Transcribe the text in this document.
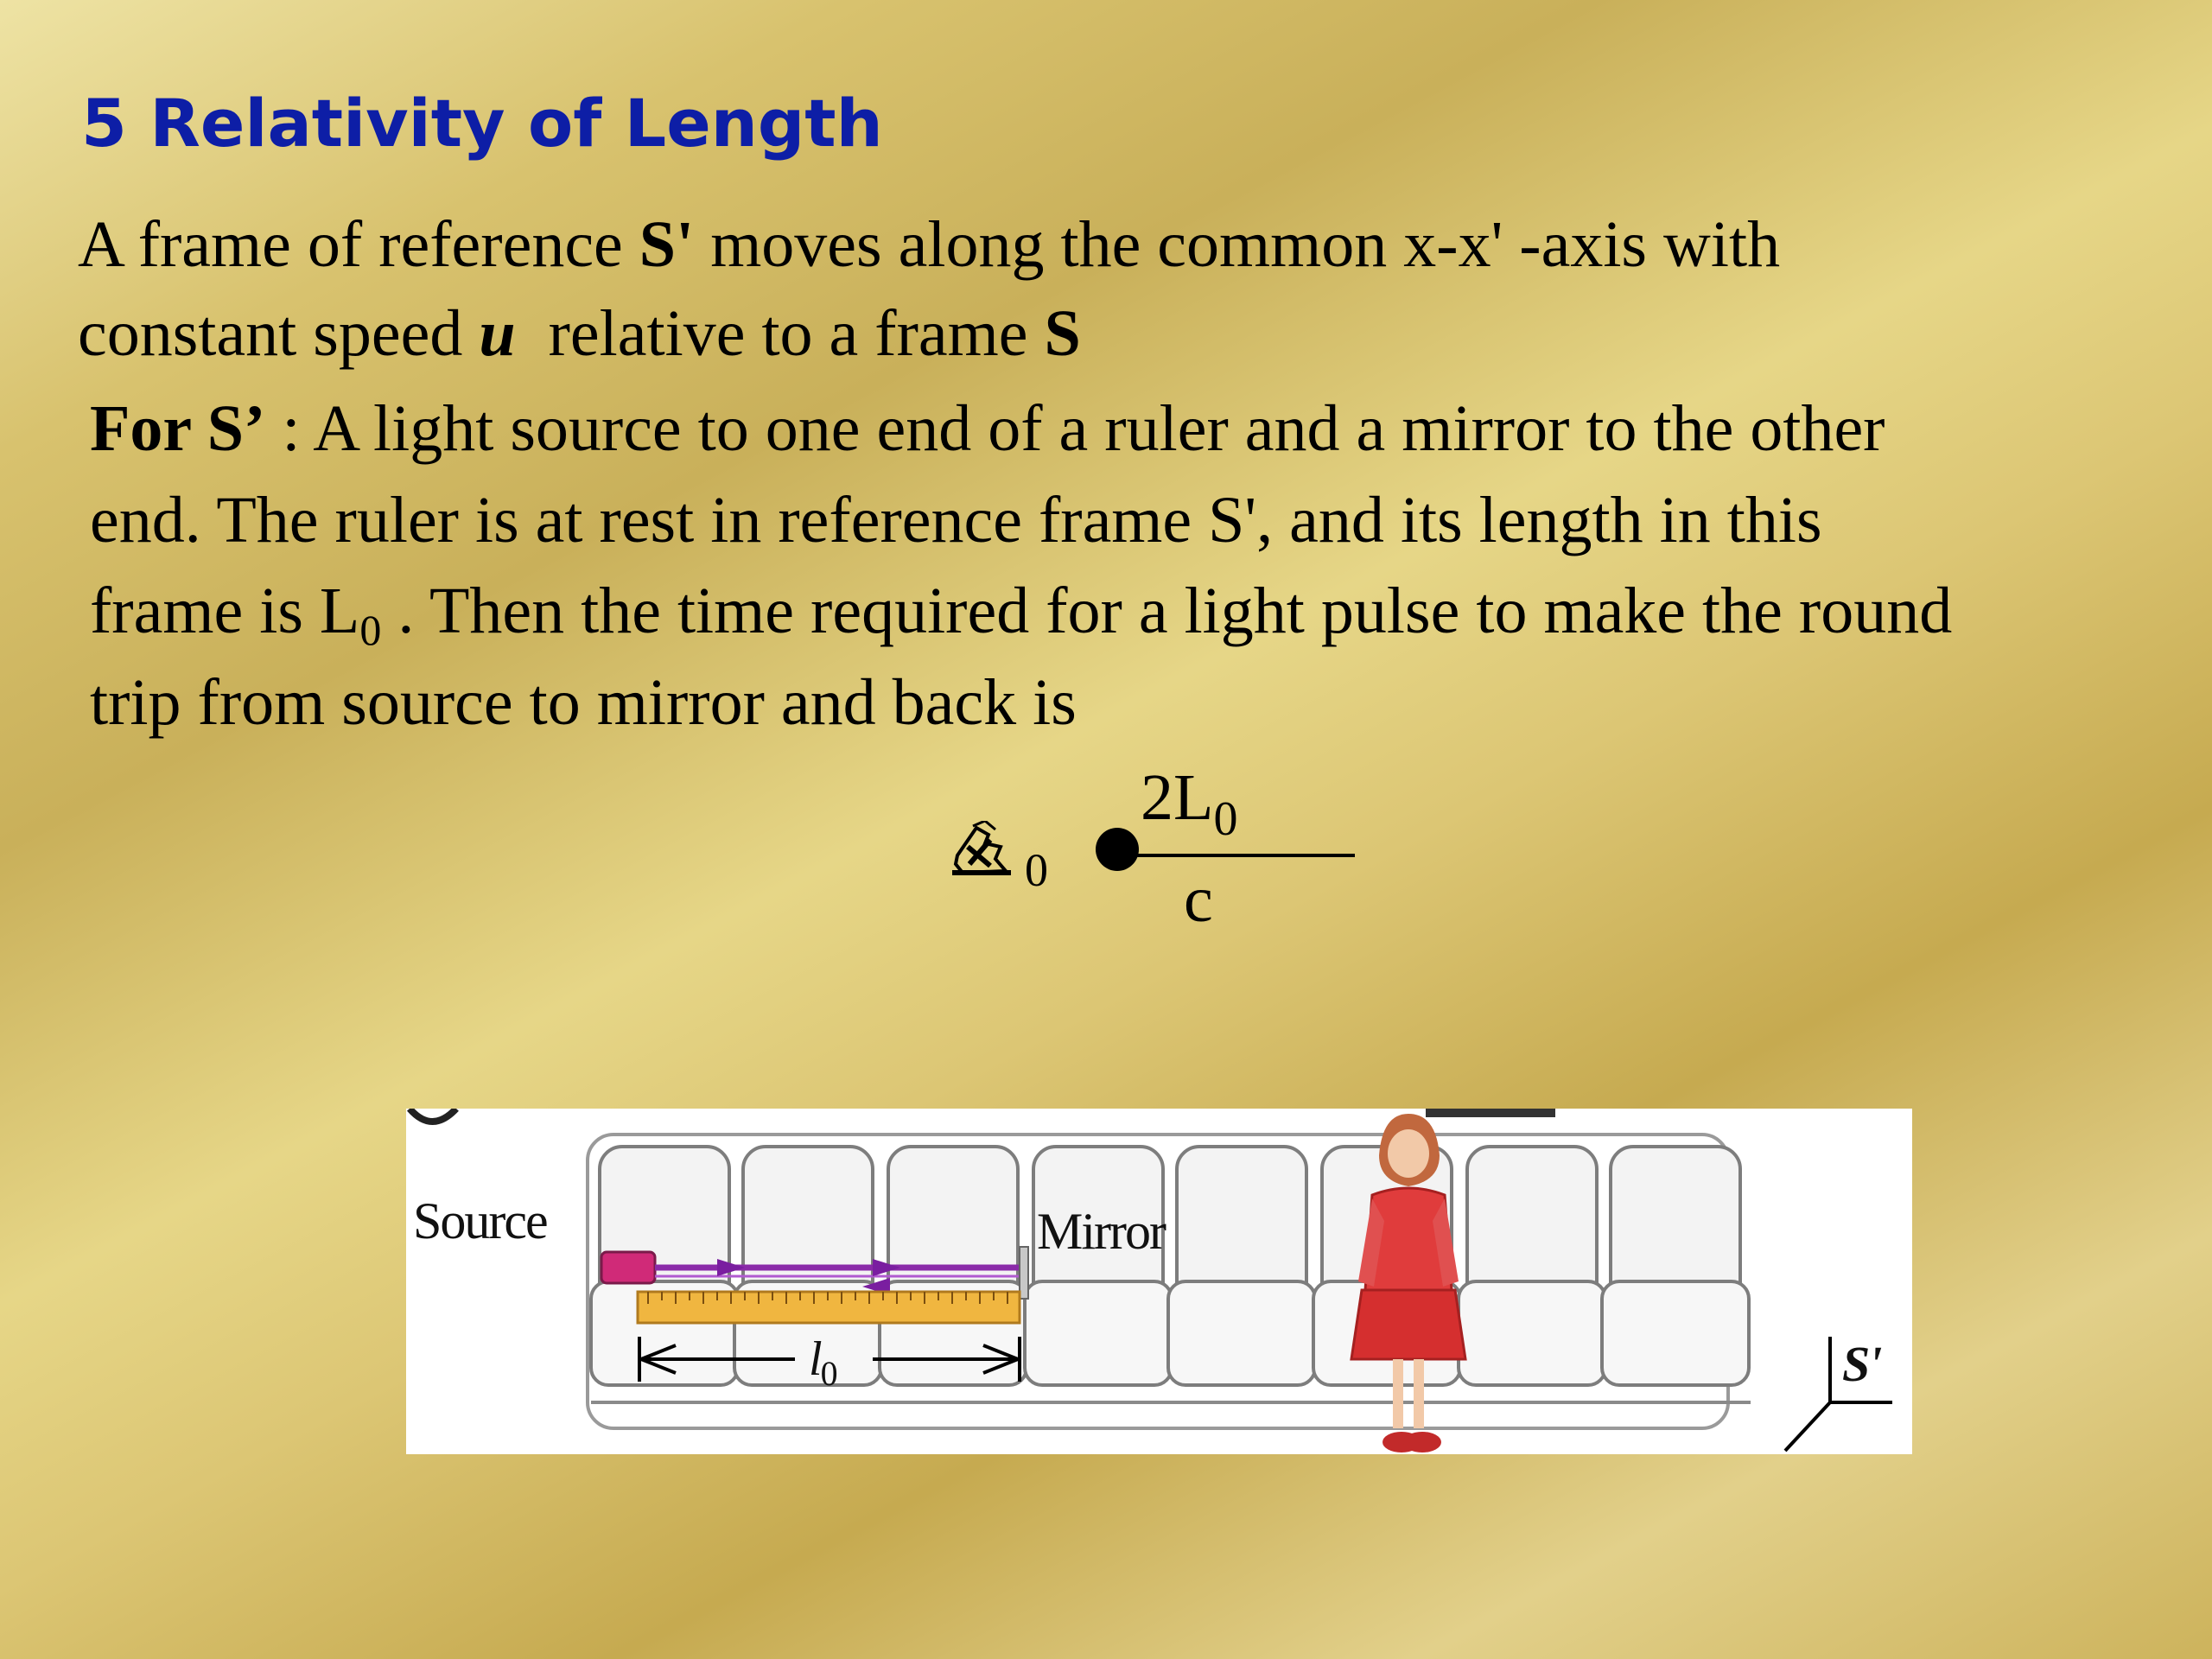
5 Relativity of Length

A frame of reference S' moves along the common x-x' -axis with
constant speed u  relative to a frame S

For S’ : A light source to one end of a ruler and a mirror to the other
end. The ruler is at rest in reference frame S', and its length in this
frame is $L_0$ . Then the time required for a light pulse to make the round
trip from source to mirror and back is

0
$2L_0$
c
Source	Mirror
$l_0$	S'
